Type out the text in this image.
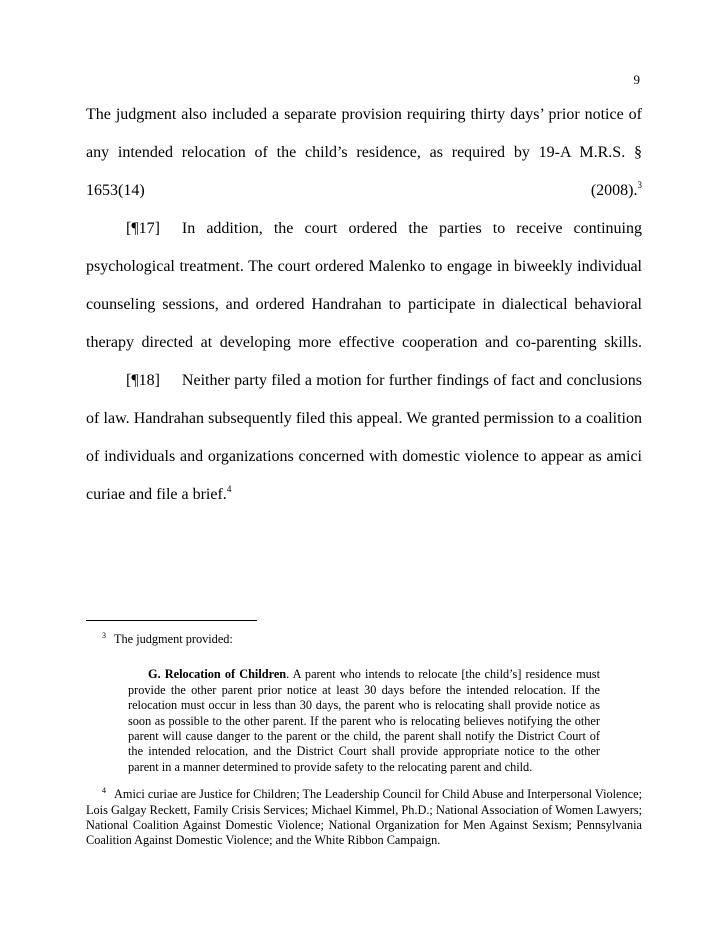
9

The judgment also included a separate provision requiring thirty days’ prior notice of any intended relocation of the child’s residence, as required by 19-A M.R.S. § 1653(14) (2008).$^3$

[¶17] In addition, the court ordered the parties to receive continuing psychological treatment. The court ordered Malenko to engage in biweekly individual counseling sessions, and ordered Handrahan to participate in dialectical behavioral therapy directed at developing more effective cooperation and co-parenting skills.

[¶18] Neither party filed a motion for further findings of fact and conclusions of law. Handrahan subsequently filed this appeal. We granted permission to a coalition of individuals and organizations concerned with domestic violence to appear as amici curiae and file a brief.$^4$

$^3$ The judgment provided:

G. Relocation of Children. A parent who intends to relocate [the child’s] residence must provide the other parent prior notice at least 30 days before the intended relocation. If the relocation must occur in less than 30 days, the parent who is relocating shall provide notice as soon as possible to the other parent. If the parent who is relocating believes notifying the other parent will cause danger to the parent or the child, the parent shall notify the District Court of the intended relocation, and the District Court shall provide appropriate notice to the other parent in a manner determined to provide safety to the relocating parent and child.

$^4$ Amici curiae are Justice for Children; The Leadership Council for Child Abuse and Interpersonal Violence; Lois Galgay Reckett, Family Crisis Services; Michael Kimmel, Ph.D.; National Association of Women Lawyers; National Coalition Against Domestic Violence; National Organization for Men Against Sexism; Pennsylvania Coalition Against Domestic Violence; and the White Ribbon Campaign.
